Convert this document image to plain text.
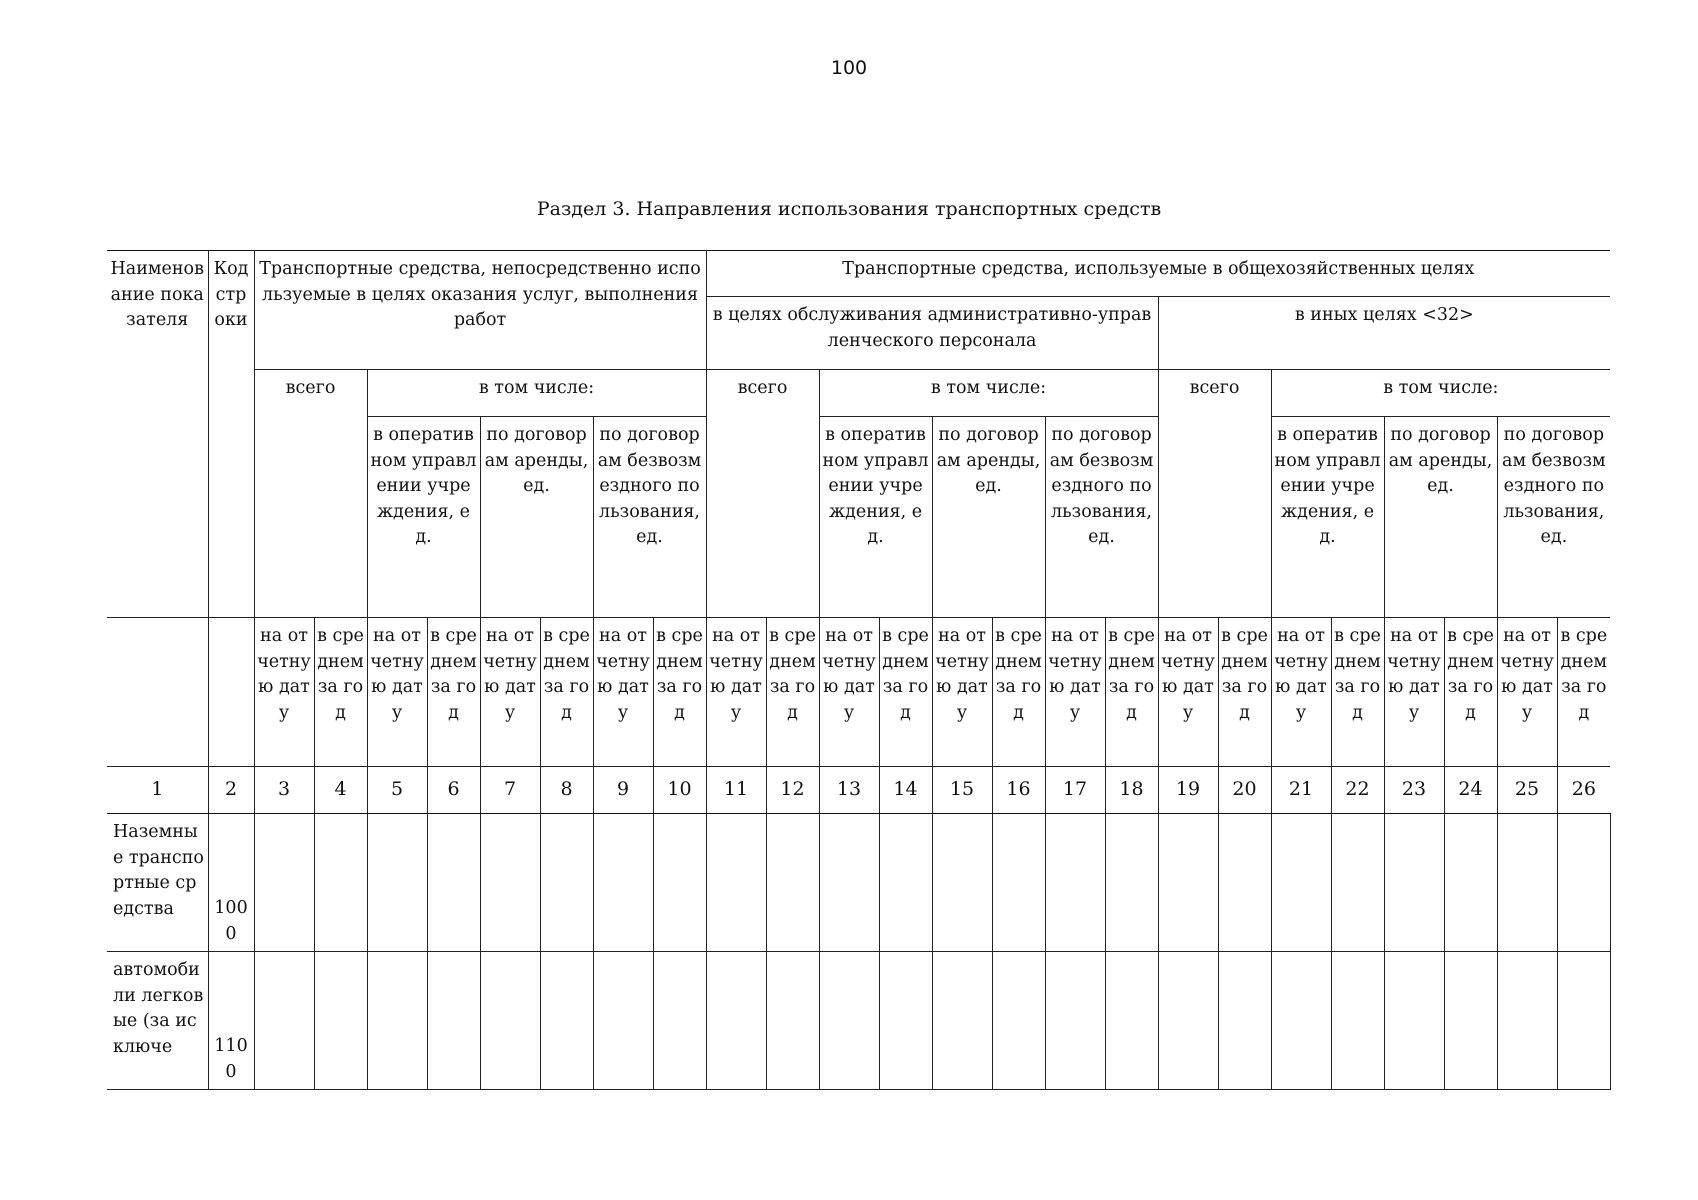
100
Раздел 3. Направления использования транспортных средств
Наименование показателя	Код строки	Транспортные средства, непосредственно используемые в целях оказания услуг, выполнения работ								Транспортные средства, используемые в общехозяйственных целях															
										в целях обслуживания административно-управленческого персонала								в иных целях <32>							
		всего		в том числе:						всего		в том числе:						всего		в том числе:					
				в оперативном управлении учреждения, ед.		по договорам аренды, ед.		по договорам безвозмездного пользования, ед.				в оперативном управлении учреждения, ед.		по договорам аренды, ед.		по договорам безвозмездного пользования, ед.				в оперативном управлении учреждения, ед.		по договорам аренды, ед.		по договорам безвозмездного пользования, ед.	
		на отчетную дату	в среднем за год	на отчетную дату	в среднем за год	на отчетную дату	в среднем за год	на отчетную дату	в среднем за год	на отчетную дату	в среднем за год	на отчетную дату	в среднем за год	на отчетную дату	в среднем за год	на отчетную дату	в среднем за год	на отчетную дату	в среднем за год	на отчетную дату	в среднем за год	на отчетную дату	в среднем за год	на отчетную дату	в среднем за год
1	2	3	4	5	6	7	8	9	10	11	12	13	14	15	16	17	18	19	20	21	22	23	24	25	26
Наземные транспортные средства	1000																								
автомобили легковые (за исключе	1100																								
